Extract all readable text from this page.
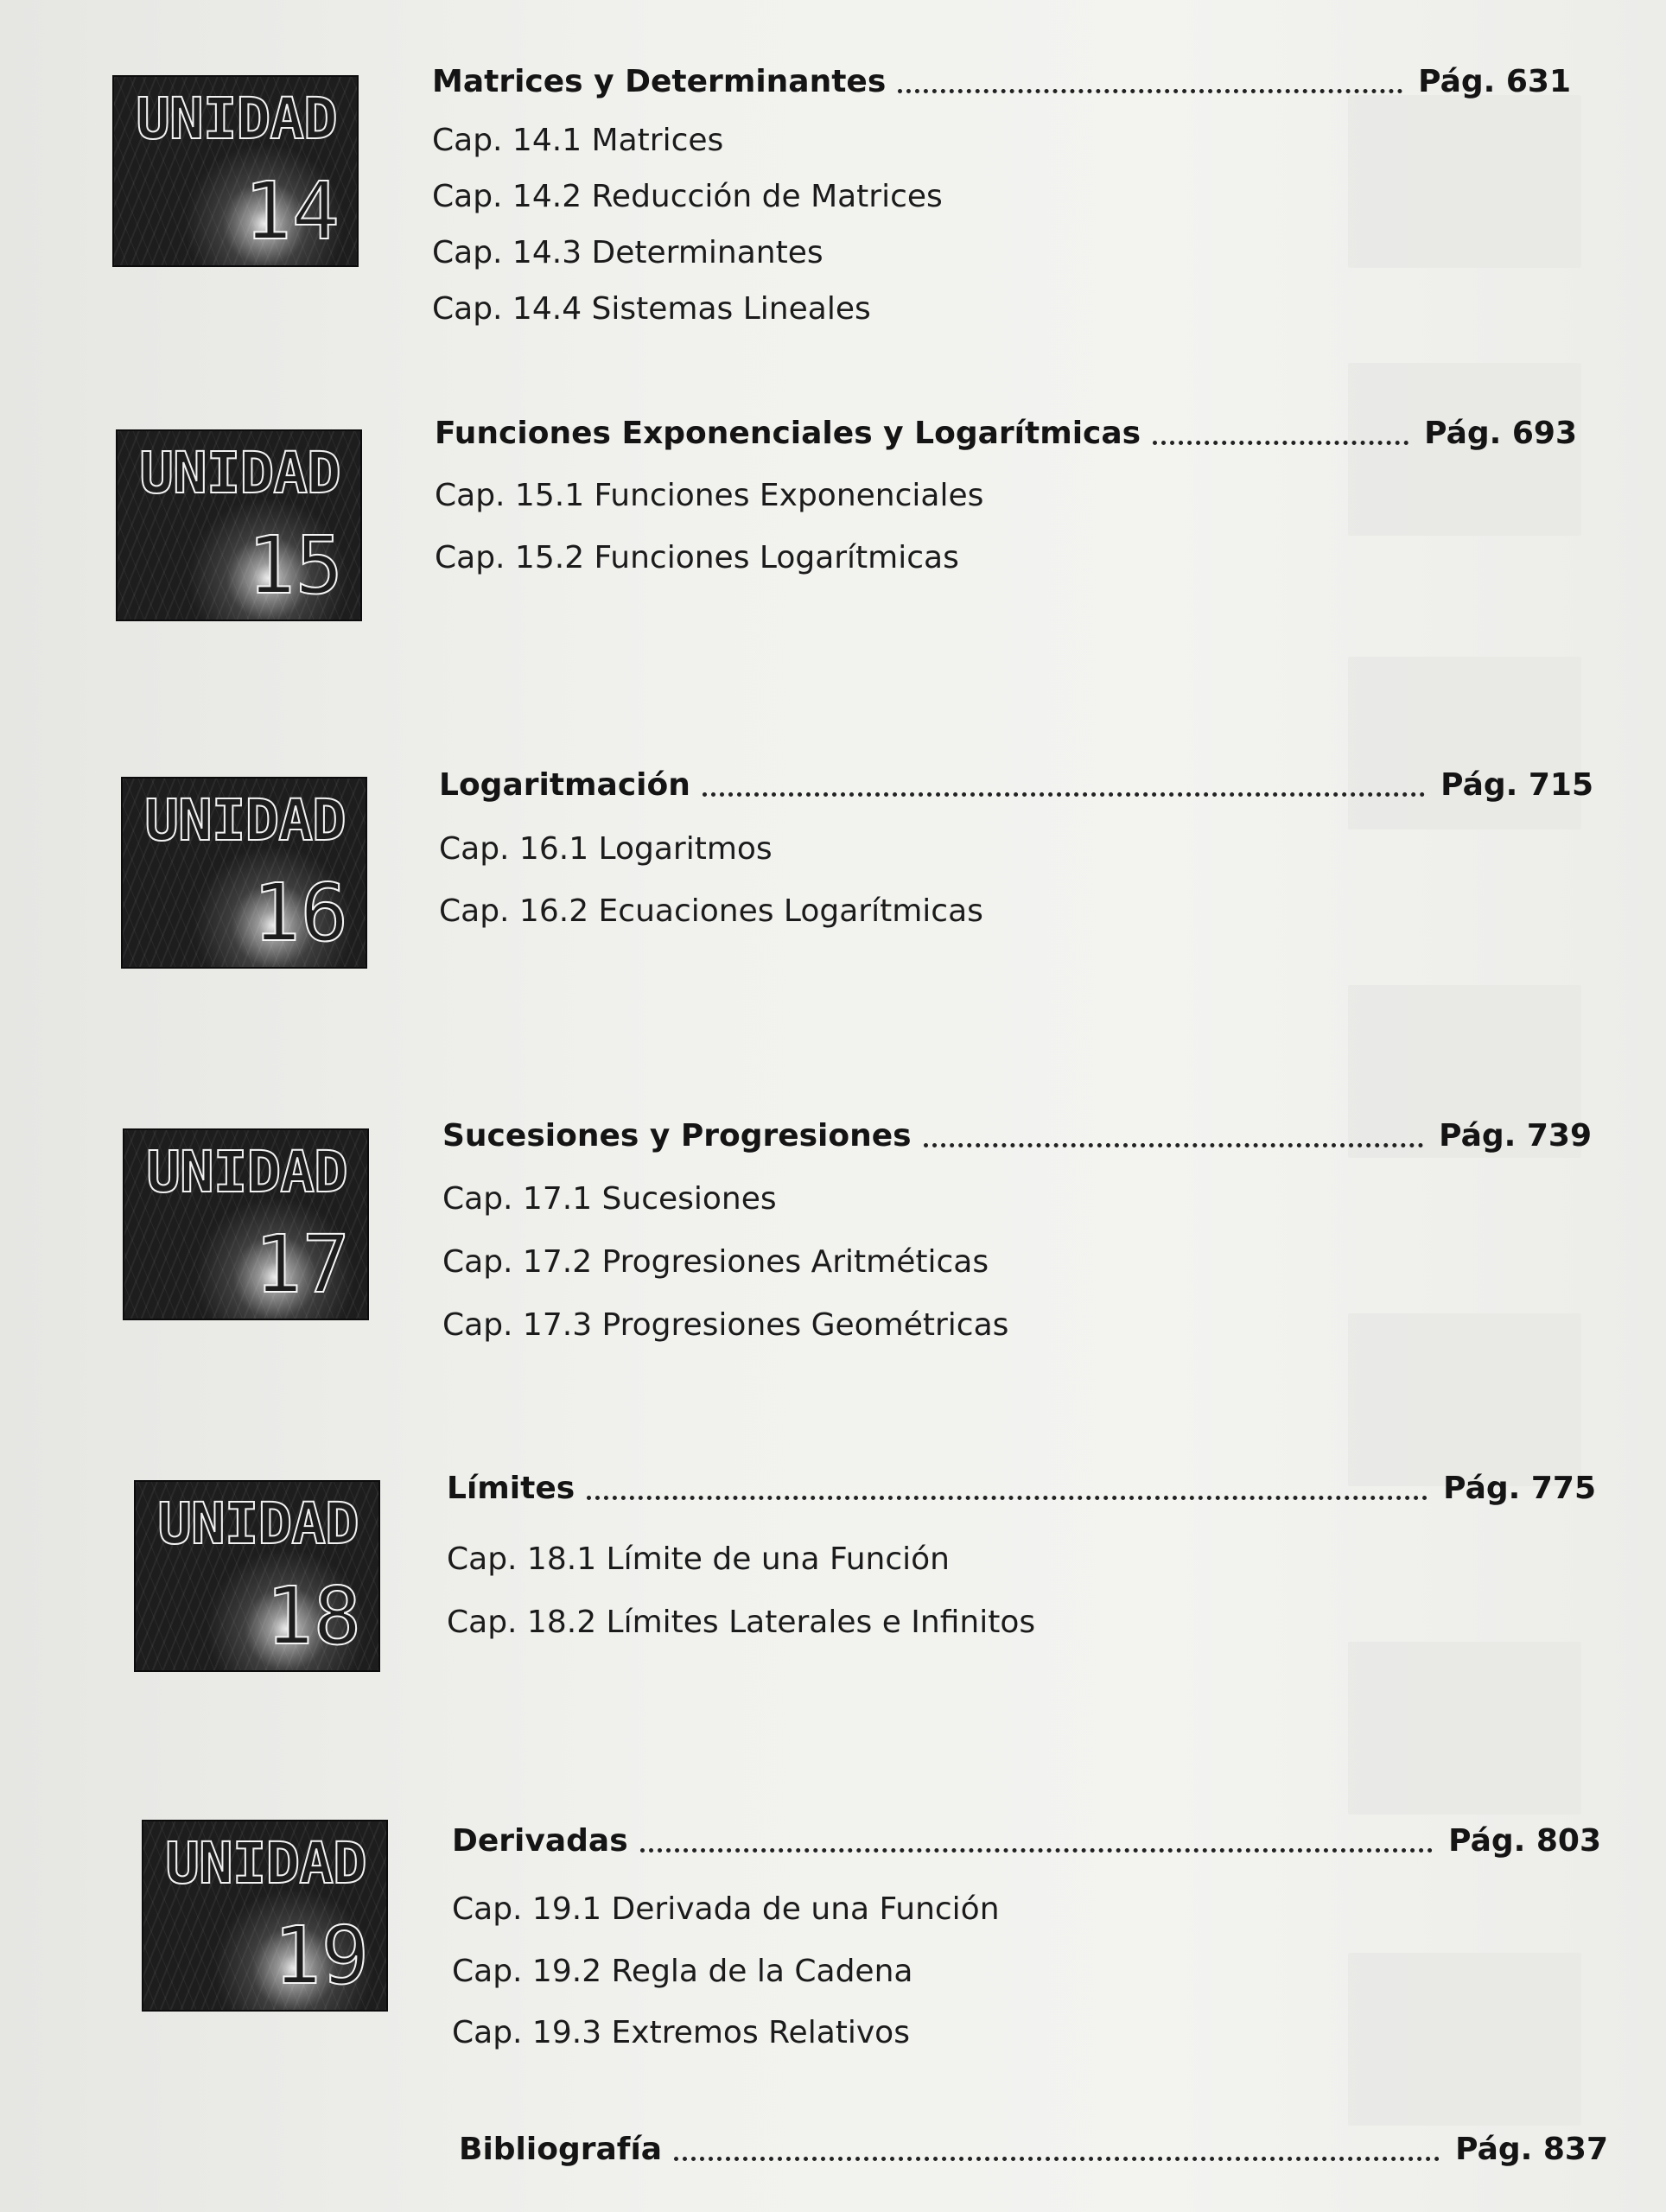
UNIDAD
14
Matrices y Determinantes	Pág. 631
Cap. 14.1 Matrices
Cap. 14.2 Reducción de Matrices
Cap. 14.3 Determinantes
Cap. 14.4 Sistemas Lineales
UNIDAD
15
Funciones Exponenciales y Logarítmicas	Pág. 693
Cap. 15.1 Funciones Exponenciales
Cap. 15.2 Funciones Logarítmicas
UNIDAD
16
Logaritmación	Pág. 715
Cap. 16.1 Logaritmos
Cap. 16.2 Ecuaciones Logarítmicas
UNIDAD
17
Sucesiones y Progresiones	Pág. 739
Cap. 17.1 Sucesiones
Cap. 17.2 Progresiones Aritméticas
Cap. 17.3 Progresiones Geométricas
UNIDAD
18
Límites	Pág. 775
Cap. 18.1 Límite de una Función
Cap. 18.2 Límites Laterales e Infinitos
UNIDAD
19
Derivadas	Pág. 803
Cap. 19.1 Derivada de una Función
Cap. 19.2 Regla de la Cadena
Cap. 19.3 Extremos Relativos
Bibliografía	Pág. 837
